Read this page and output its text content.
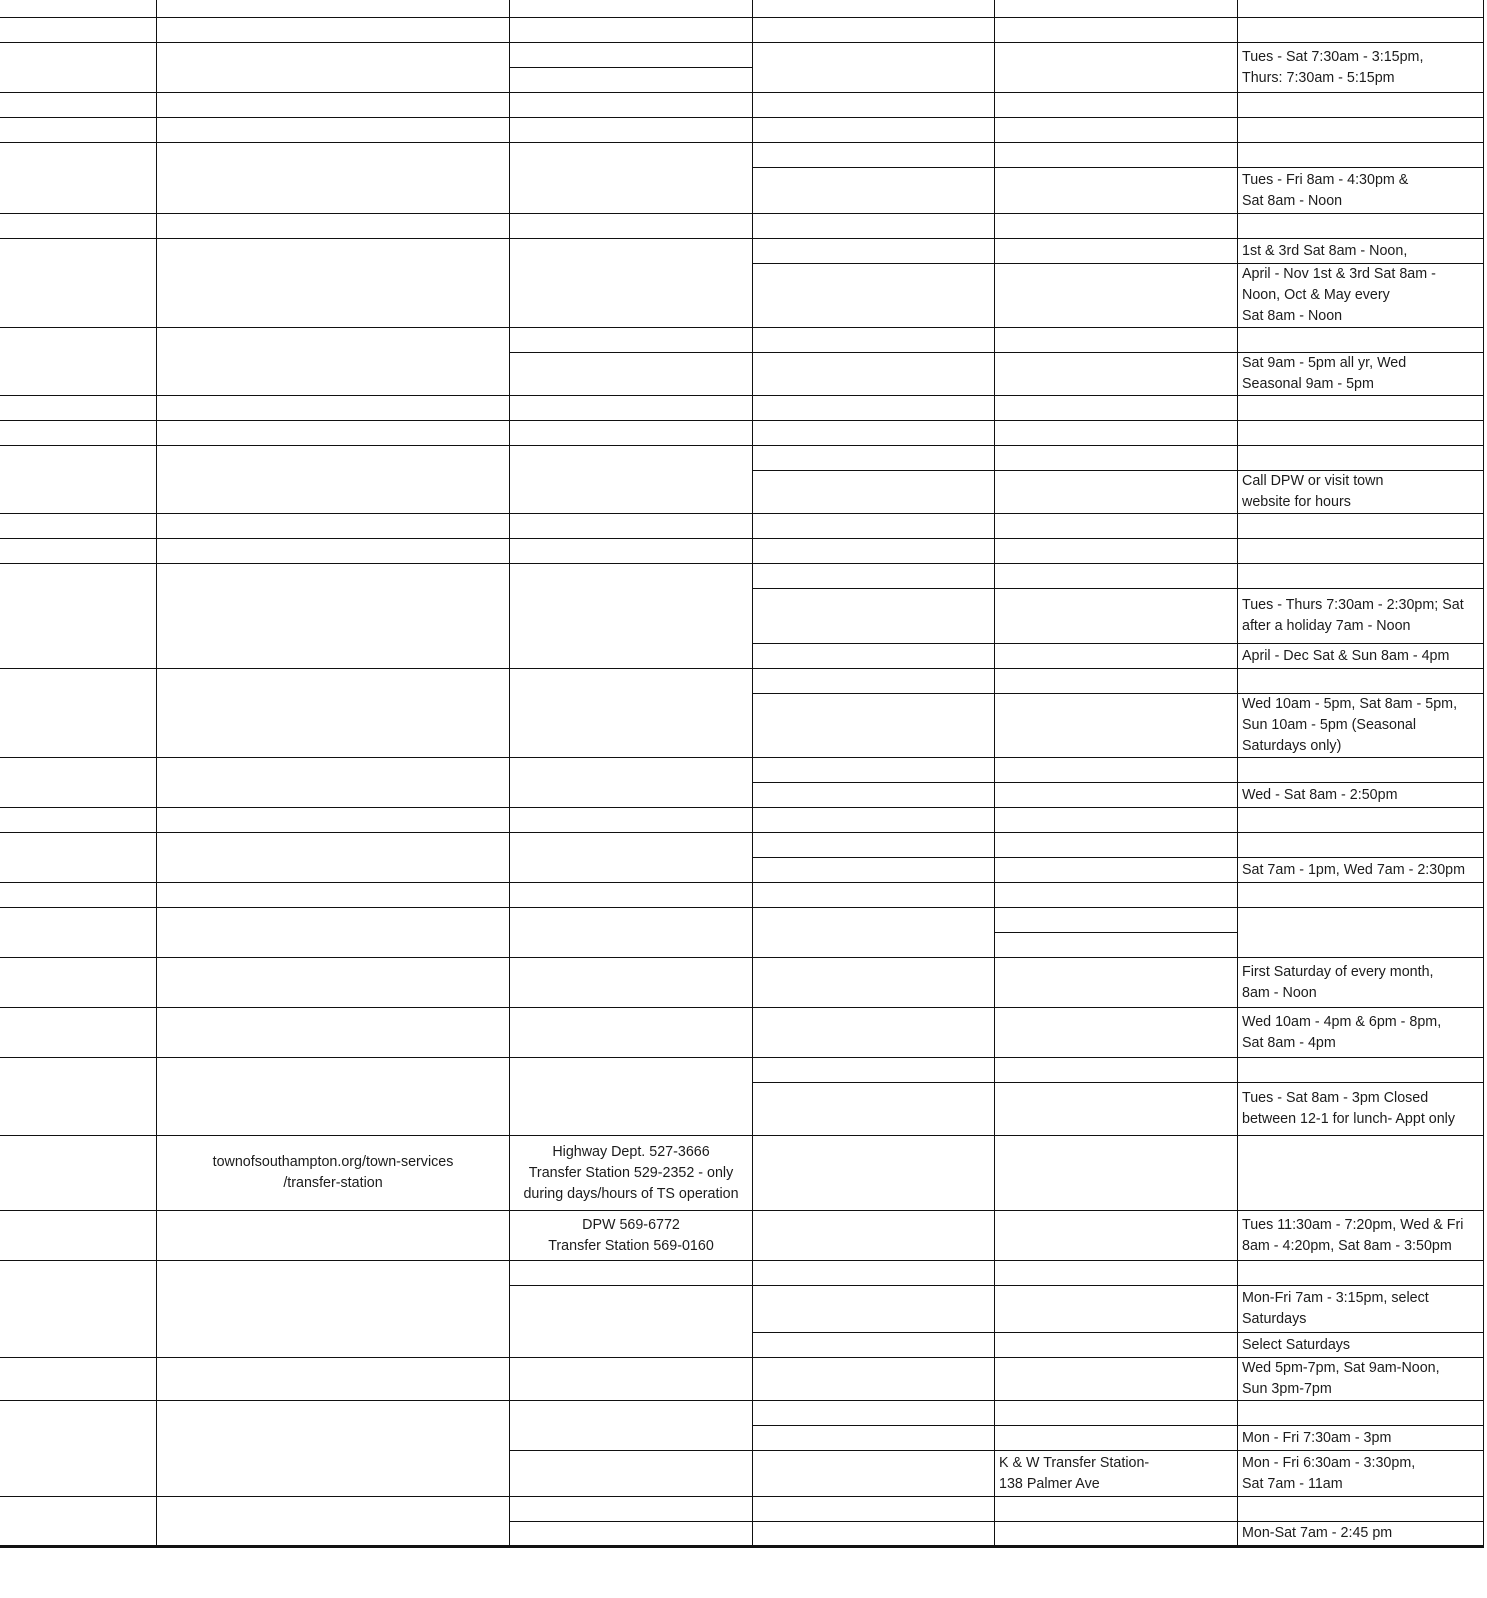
					Tues - Sat 7:30am - 3:15pm,
Thurs: 7:30am - 5:15pm

					Tues - Fri 8am - 4:30pm &
Sat 8am - Noon

					1st & 3rd Sat 8am - Noon,

					April - Nov 1st & 3rd Sat 8am -
Noon, Oct & May every
Sat 8am - Noon

					Sat 9am - 5pm all yr, Wed
Seasonal 9am - 5pm

					Call DPW or visit town
website for hours

					Tues - Thurs 7:30am - 2:30pm; Sat
after a holiday 7am - Noon

					April - Dec Sat & Sun 8am - 4pm

					Wed 10am - 5pm, Sat 8am - 5pm,
Sun 10am - 5pm (Seasonal
Saturdays only)

					Wed - Sat 8am - 2:50pm

					Sat 7am - 1pm, Wed 7am - 2:30pm

					First Saturday of every month,
8am - Noon

					Wed 10am - 4pm & 6pm - 8pm,
Sat 8am - 4pm

					Tues - Sat 8am - 3pm Closed
between 12-1 for lunch- Appt only

	townofsouthampton.org/town-services
/transfer-station	Highway Dept. 527-3666
Transfer Station 529-2352 - only
during days/hours of TS operation			

		DPW 569-6772
Transfer Station 569-0160			Tues 11:30am - 7:20pm, Wed & Fri
8am - 4:20pm, Sat 8am - 3:50pm

					Mon-Fri 7am - 3:15pm, select
Saturdays

					Select Saturdays

					Wed 5pm-7pm, Sat 9am-Noon,
Sun 3pm-7pm

					Mon - Fri 7:30am - 3pm

				K & W Transfer Station-
138 Palmer Ave	Mon - Fri 6:30am - 3:30pm,
Sat 7am - 11am

					Mon-Sat 7am - 2:45 pm
